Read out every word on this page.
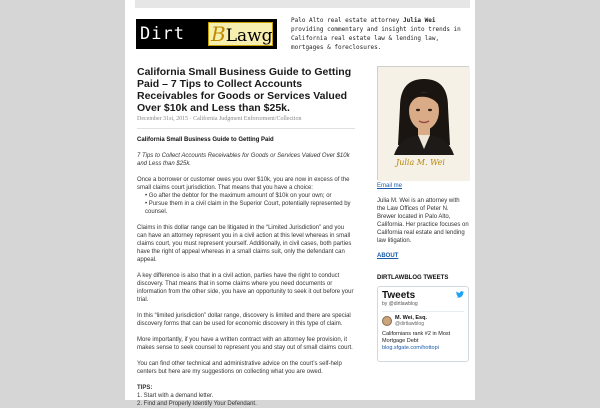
Dirt	BLawg
Palo Alto real estate attorney Julia Wei providing commentary and insight into trends in California real estate law & lending law, mortgages & foreclosures.
California Small Business Guide to Getting Paid – 7 Tips to Collect Accounts Receivables for Goods or Services Valued Over $10k and Less than $25k.
December 31st, 2015 · California Judgment Enforcement/Collection

California Small Business Guide to Getting Paid

7 Tips to Collect Accounts Receivables for Goods or Services Valued Over $10k and Less than $25k.

Once a borrower or customer owes you over $10k, you are now in excess of the small claims court jurisdiction. That means that you have a choice:

• Go after the debtor for the maximum amount of $10k on your own; or
• Pursue them in a civil claim in the Superior Court, potentially represented by counsel.

Claims in this dollar range can be litigated in the “Limited Jurisdiction” and you can have an attorney represent you in a civil action at this level whereas in small claims court, you must represent yourself. Additionally, in civil cases, both parties have the right of appeal whereas in a small claims suit, only the defendant can appeal.

A key difference is also that in a civil action, parties have the right to conduct discovery. That means that in some claims where you need documents or information from the other side, you have an opportunity to seek it out before your trial.

In this “limited jurisdiction” dollar range, discovery is limited and there are special discovery forms that can be used for economic discovery in this type of claim.

More importantly, if you have a written contract with an attorney fee provision, it makes sense to seek counsel to represent you and stay out of small claims court.

You can find other technical and administrative advice on the court’s self-help centers but here are my suggestions on collecting what you are owed.

TIPS:

1. Start with a demand letter.

2. Find and Properly Identify Your Defendant.

Julia M. Wei
Email me
Julia M. Wei is an attorney with the Law Offices of Peter N. Brewer located in Palo Alto, California. Her practice focuses on California real estate and lending law litigation.
ABOUT
DIRTLAWBLOG TWEETS
Tweets
by @dirtlawblog
M. Wei, Esq.
@dirtlawblog
Californians rank #2 in Most Mortgage Debt
blog.sfgate.com/hottopi
